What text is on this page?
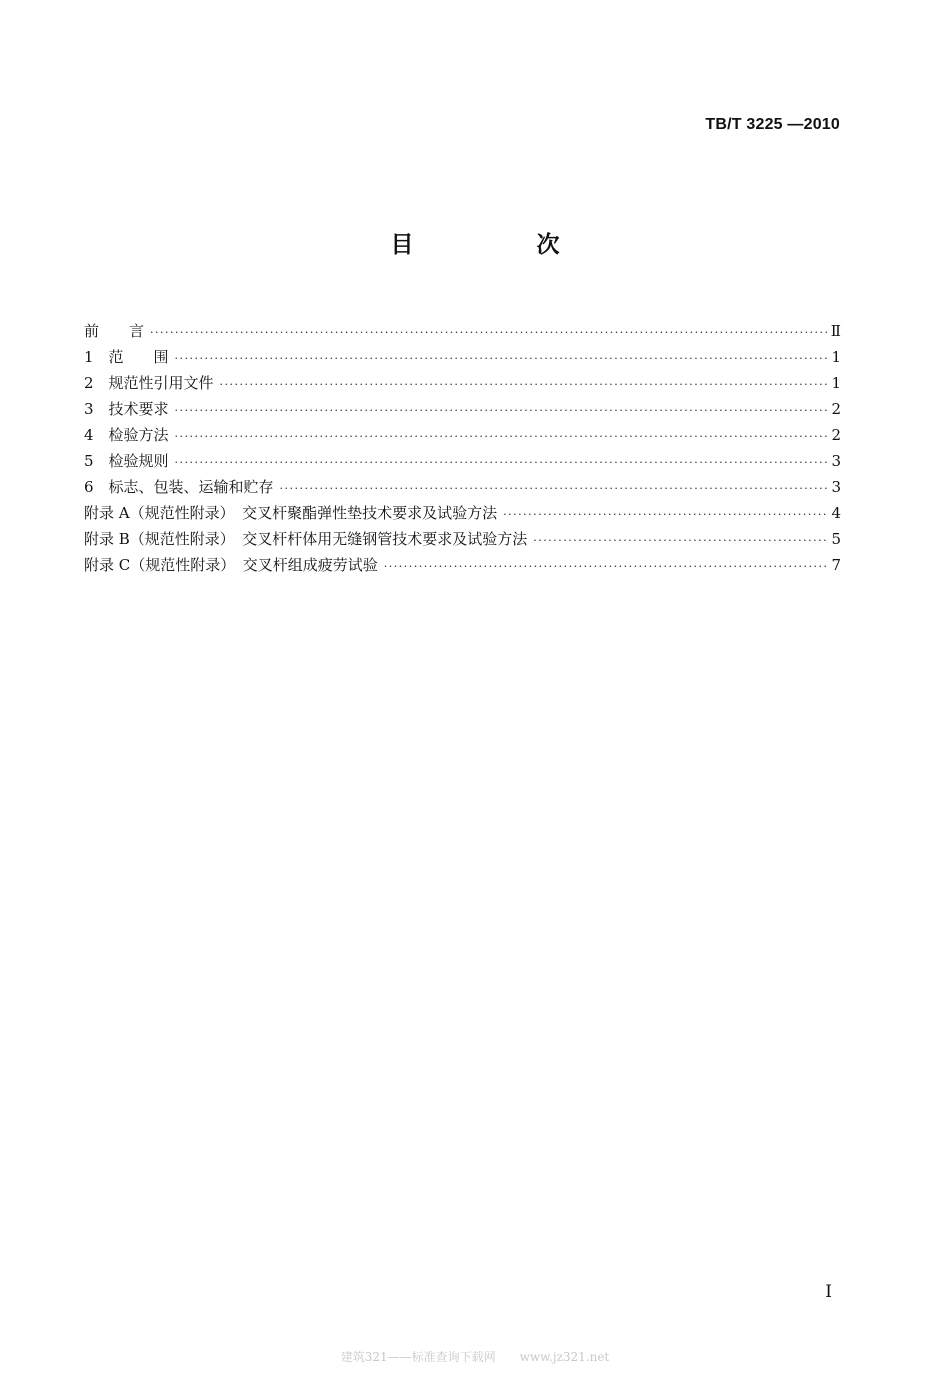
TB/T 3225 —2010
目　次
前　　言 ·····	Ⅱ
1　范　　围 ·····	1
2　规范性引用文件 ·····	1
3　技术要求 ·····	2
4　检验方法 ·····	2
5　检验规则 ·····	3
6　标志、包装、运输和贮存 ·····	3
附录 A（规范性附录）　交叉杆聚酯弹性垫技术要求及试验方法 ·····	4
附录 B（规范性附录）　交叉杆杆体用无缝钢管技术要求及试验方法 ·····	5
附录 C（规范性附录）　交叉杆组成疲劳试验 ·····	7
I
建筑321——标准查询下载网　　www.jz321.net
